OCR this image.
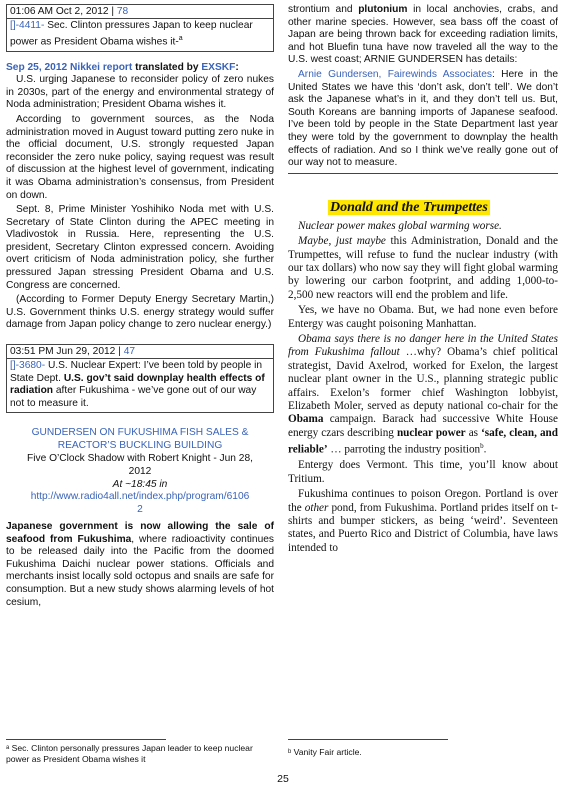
01:06 AM Oct 2, 2012 | 78
[]-4411- Sec. Clinton pressures Japan to keep nuclear power as President Obama wishes it-$^a$

Sep 25, 2012 Nikkei report translated by EXSKF:

U.S. urging Japanese to reconsider policy of zero nukes in 2030s, part of the energy and environmental strategy of Noda administration; President Obama wishes it.

According to government sources, as the Noda administration moved in August toward putting zero nuke in the official document, U.S. strongly requested Japan reconsider the zero nuke policy, saying request was result of discussion at the highest level of government, indicating it was Obama administration’s consensus, from President on down.

Sept. 8, Prime Minister Yoshihiko Noda met with U.S. Secretary of State Clinton during the APEC meeting in Vladivostok in Russia. Here, representing the U.S. president, Secretary Clinton expressed concern. Avoiding overt criticism of Noda administration policy, she further pressured Japan stressing President Obama and U.S. Congress are concerned.

(According to Former Deputy Energy Secretary Martin,) U.S. Government thinks U.S. energy strategy would suffer damage from Japan policy change to zero nuclear energy.)

03:51 PM Jun 29, 2012 | 47
[]-3680- U.S. Nuclear Expert: I’ve been told by people in State Dept. U.S. gov’t said downplay health effects of radiation after Fukushima - we’ve gone out of our way not to measure it.
GUNDERSEN ON FUKUSHIMA FISH SALES &
REACTOR’S BUCKLING BUILDING
Five O’Clock Shadow with Robert Knight - Jun 28, 2012
At ~18:45 in
http://www.radio4all.net/index.php/program/6106
2

Japanese government is now allowing the sale of seafood from Fukushima, where radioactivity continues to be released daily into the Pacific from the doomed Fukushima Daichi nuclear power stations. Officials and merchants insist locally sold octopus and snails are safe for consumption. But a new study shows alarming levels of hot cesium,

ᵃ Sec. Clinton personally pressures Japan leader to keep nuclear power as President Obama wishes it

strontium and plutonium in local anchovies, crabs, and other marine species. However, sea bass off the coast of Japan are being thrown back for exceeding radiation limits, and hot Bluefin tuna have now traveled all the way to the U.S. west coast; ARNIE GUNDERSEN has details:

Arnie Gundersen, Fairewinds Associates: Here in the United States we have this ‘don’t ask, don’t tell’. We don’t ask the Japanese what’s in it, and they don’t tell us. But, South Koreans are banning imports of Japanese seafood. I’ve been told by people in the State Department last year they were told by the government to downplay the health effects of radiation. And so I think we’ve really gone out of our way not to measure.

Donald and the Trumpettes

Nuclear power makes global warming worse.

Maybe, just maybe this Administration, Donald and the Trumpettes, will refuse to fund the nuclear industry (with our tax dollars) who now say they will fight global warming by lowering our carbon footprint, and adding 1,000-to-2,500 new reactors will end the problem and life.

Yes, we have no Obama. But, we had none even before Entergy was caught poisoning Manhattan.

Obama says there is no danger here in the United States from Fukushima fallout …why? Obama’s chief political strategist, David Axelrod, worked for Exelon, the largest nuclear plant owner in the U.S., planning strategic public affairs. Exelon’s former chief Washington lobbyist, Elizabeth Moler, served as deputy national co-chair for the Obama campaign. Barack had successive White House energy czars describing nuclear power as ‘safe, clean, and reliable’ … parroting the industry position$^b$.

Entergy does Vermont. This time, you’ll know about Tritium.

Fukushima continues to poison Oregon. Portland is over the other pond, from Fukushima. Portland prides itself on t-shirts and bumper stickers, as being ‘weird’. Seventeen states, and Puerto Rico and District of Columbia, have laws intended to

ᵇ Vanity Fair article.
25
